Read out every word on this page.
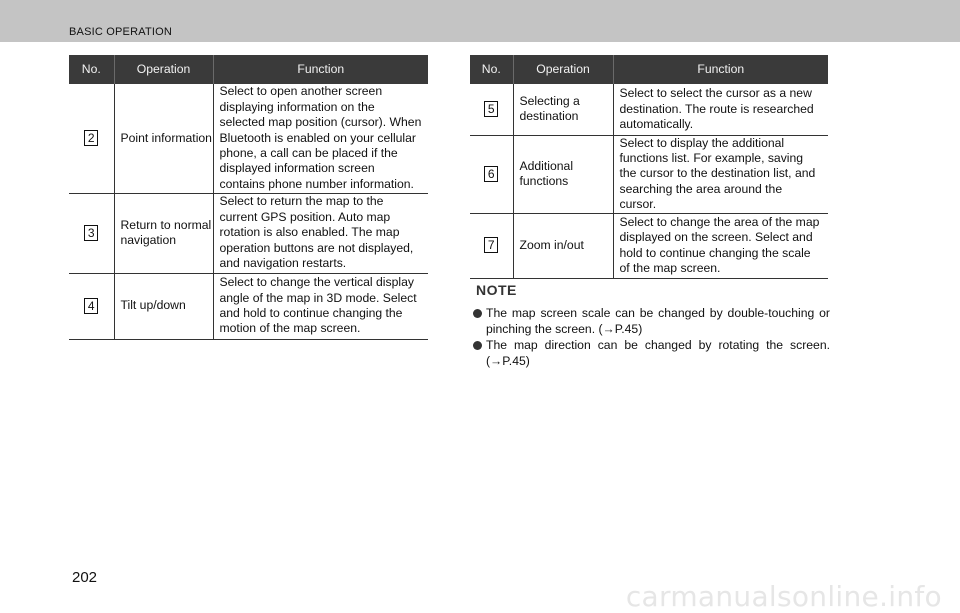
BASIC OPERATION
No.	Operation	Function
2	Point information	Select to open another screen displaying information on the selected map position (cursor). When Bluetooth is enabled on your cellular phone, a call can be placed if the displayed information screen contains phone number information.
3	Return to normal navigation	Select to return the map to the current GPS position. Auto map rotation is also enabled. The map operation buttons are not displayed, and navigation restarts.
4	Tilt up/down	Select to change the vertical display angle of the map in 3D mode. Select and hold to continue changing the motion of the map screen.
No.	Operation	Function
5	Selecting a destination	Select to select the cursor as a new destination. The route is researched automatically.
6	Additional functions	Select to display the additional functions list. For example, saving the cursor to the destination list, and searching the area around the cursor.
7	Zoom in/out	Select to change the area of the map displayed on the screen. Select and hold to continue changing the scale of the map screen.
NOTE
The map screen scale can be changed by double-touching or pinching the screen. (→P.45)
The map direction can be changed by rotating the screen. (→P.45)
202
carmanualsonline.info
